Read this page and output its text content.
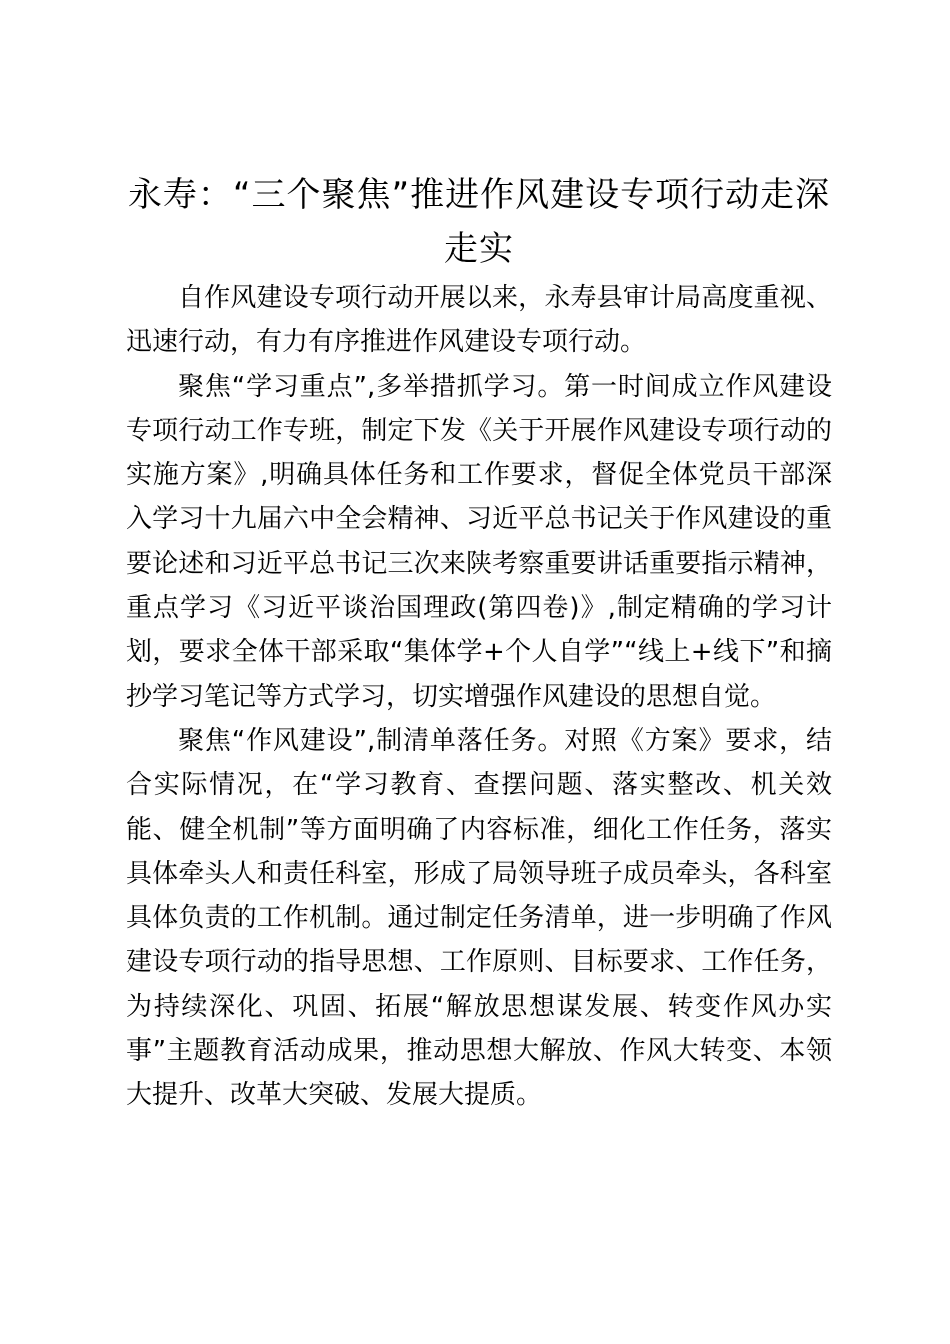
永寿：“三个聚焦”推进作风建设专项行动走深走实

自作风建设专项行动开展以来，永寿县审计局高度重视、迅速行动，有力有序推进作风建设专项行动。

聚焦“学习重点”,多举措抓学习。第一时间成立作风建设专项行动工作专班，制定下发《关于开展作风建设专项行动的实施方案》,明确具体任务和工作要求，督促全体党员干部深入学习十九届六中全会精神、习近平总书记关于作风建设的重要论述和习近平总书记三次来陕考察重要讲话重要指示精神，重点学习《习近平谈治国理政(第四卷)》,制定精确的学习计划，要求全体干部采取“集体学+个人自学”“线上+线下”和摘抄学习笔记等方式学习，切实增强作风建设的思想自觉。

聚焦“作风建设”,制清单落任务。对照《方案》要求，结合实际情况，在“学习教育、查摆问题、落实整改、机关效能、健全机制”等方面明确了内容标准，细化工作任务，落实具体牵头人和责任科室，形成了局领导班子成员牵头，各科室具体负责的工作机制。通过制定任务清单，进一步明确了作风建设专项行动的指导思想、工作原则、目标要求、工作任务，为持续深化、巩固、拓展“解放思想谋发展、转变作风办实事”主题教育活动成果，推动思想大解放、作风大转变、本领大提升、改革大突破、发展大提质。
